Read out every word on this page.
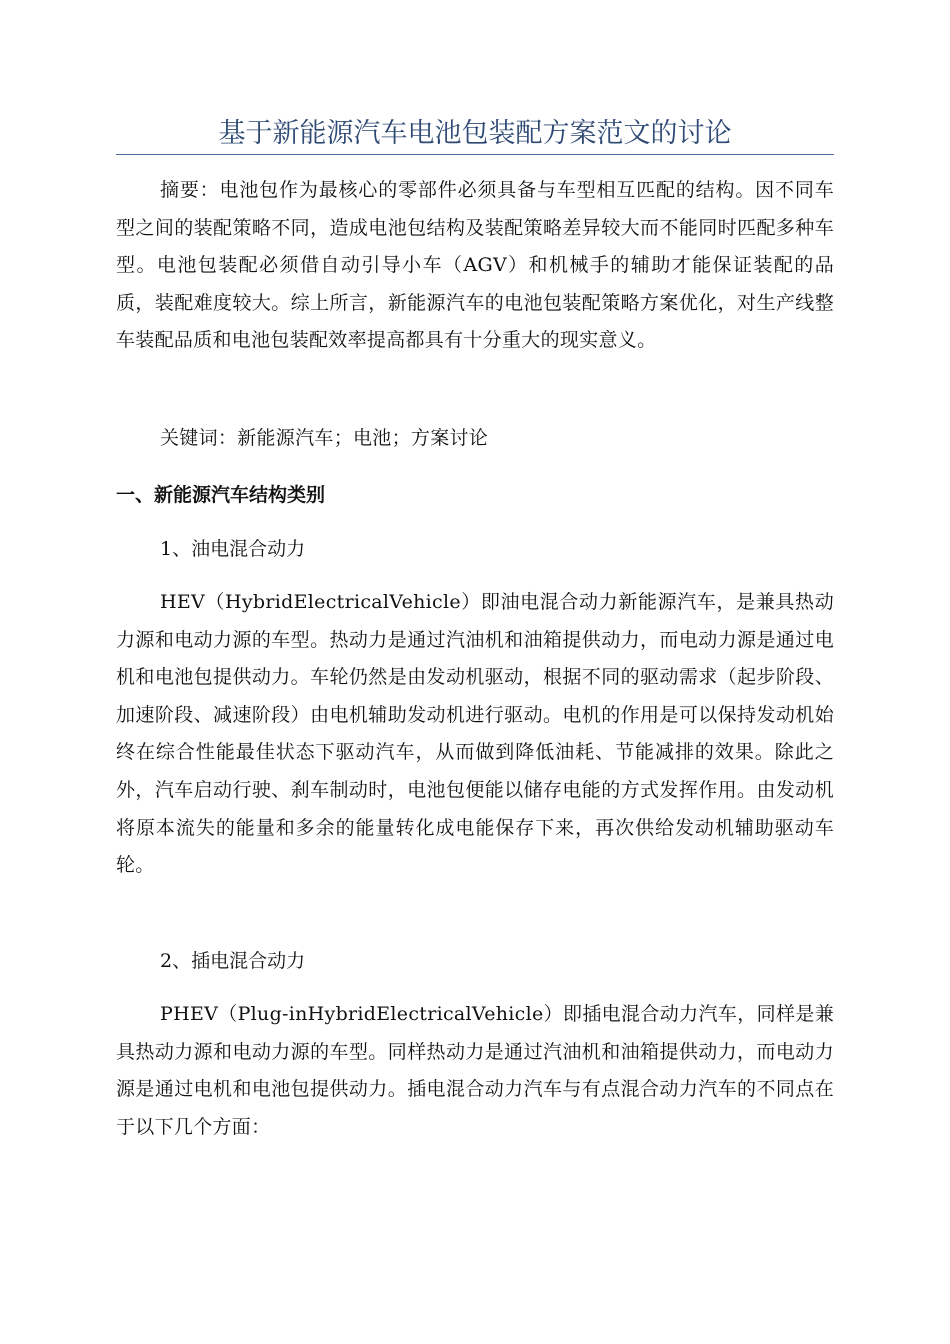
基于新能源汽车电池包装配方案范文的讨论

摘要：电池包作为最核心的零部件必须具备与车型相互匹配的结构。因不同车型之间的装配策略不同，造成电池包结构及装配策略差异较大而不能同时匹配多种车型。电池包装配必须借自动引导小车（AGV）和机械手的辅助才能保证装配的品质，装配难度较大。综上所言，新能源汽车的电池包装配策略方案优化，对生产线整车装配品质和电池包装配效率提高都具有十分重大的现实意义。

关键词：新能源汽车；电池；方案讨论

一、新能源汽车结构类别
1、油电混合动力

HEV（HybridElectricalVehicle）即油电混合动力新能源汽车，是兼具热动力源和电动力源的车型。热动力是通过汽油机和油箱提供动力，而电动力源是通过电机和电池包提供动力。车轮仍然是由发动机驱动，根据不同的驱动需求（起步阶段、加速阶段、减速阶段）由电机辅助发动机进行驱动。电机的作用是可以保持发动机始终在综合性能最佳状态下驱动汽车，从而做到降低油耗、节能减排的效果。除此之外，汽车启动行驶、刹车制动时，电池包便能以储存电能的方式发挥作用。由发动机将原本流失的能量和多余的能量转化成电能保存下来，再次供给发动机辅助驱动车轮。

2、插电混合动力

PHEV（Plug-inHybridElectricalVehicle）即插电混合动力汽车，同样是兼具热动力源和电动力源的车型。同样热动力是通过汽油机和油箱提供动力，而电动力源是通过电机和电池包提供动力。插电混合动力汽车与有点混合动力汽车的不同点在于以下几个方面：
